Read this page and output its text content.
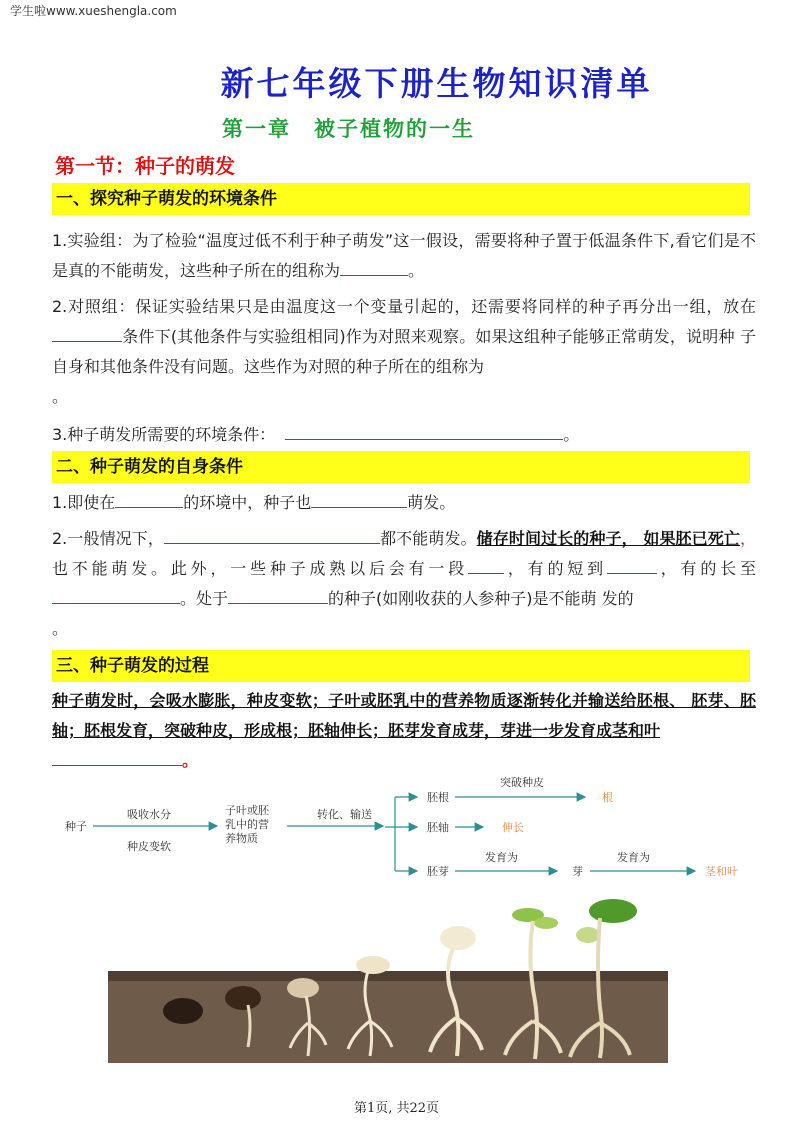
学生啦www.xueshengla.com
新七年级下册生物知识清单
第一章　被子植物的一生
第一节：种子的萌发
一、探究种子萌发的环境条件
1.实验组：为了检验“温度过低不利于种子萌发”这一假设，需要将种子置于低温条件下,看它们是不是真的不能萌发，这些种子所在的组称为	。
2.对照组：保证实验结果只是由温度这一个变量引起的，还需要将同样的种子再分出一组，放在条件下(其他条件与实验组相同)作为对照来观察。如果这组种子能够正常萌发，说明种 子自身和其他条件没有问题。这些作为对照的种子所在的组称为
。
3.种子萌发所需要的环境条件：	。
二、种子萌发的自身条件
1.即使在	的环境中，种子也	萌发。
2.一般情况下，	都不能萌发。储存时间过长的种子， 如果胚已死亡，也不能萌发。此外，一些种子成熟以后会有一段 ，有的短到	，有的长至。处于	的种子(如刚收获的人参种子)是不能萌 发的
。
三、种子萌发的过程
种子萌发时，会吸水膨胀，种皮变软；子叶或胚乳中的营养物质逐渐转化并输送给胚根、 胚芽、胚轴；胚根发育，突破种皮，形成根；胚轴伸长；胚芽发育成芽，芽进一步发育成茎和叶
。
种子
吸收水分
种皮变软
子叶或胚
乳中的营
养物质
转化、输送
胚根
胚轴
胚芽
突破种皮
根
伸长
发育为
芽
发育为
茎和叶
第1页, 共22页
